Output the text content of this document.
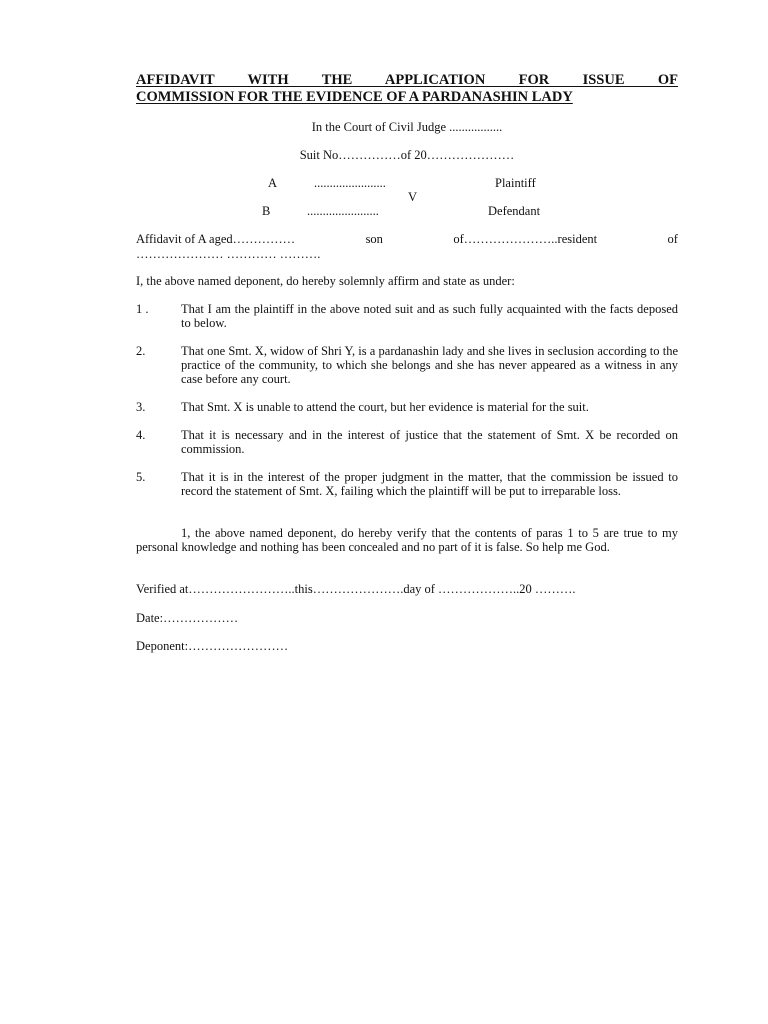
AFFIDAVIT WITH THE APPLICATION FOR ISSUE OF
COMMISSION FOR THE EVIDENCE OF A PARDANASHIN LADY
In the Court of Civil Judge .................
Suit No……………of 20…………………
A	.......................	Plaintiff
V
B	.......................	Defendant
Affidavit of A aged……………	son	of…………………..resident	of
………………… ………… ……….
I, the above named deponent, do hereby solemnly affirm and state as under:
1 .	That I am the plaintiff in the above noted suit and as such fully acquainted with the facts deposed to below.
2.	That one Smt. X, widow of Shri Y, is a pardanashin lady and she lives in seclusion according to the practice of the community, to which she belongs and she has never appeared as a witness in any case before any court.
3.	That Smt. X is unable to attend the court, but her evidence is material for the suit.
4.	That it is necessary and in the interest of justice that the statement of Smt. X be recorded on commission.
5.	That it is in the interest of the proper judgment in the matter, that the commission be issued to record the statement of Smt. X, failing which the plaintiff will be put to irreparable loss.
1, the above named deponent, do hereby verify that the contents of paras 1 to 5 are true to my personal knowledge and nothing has been concealed and no part of it is false. So help me God.
Verified at……………………..this………………….day of ………………..20 ……….
Date:………………
Deponent:……………………
